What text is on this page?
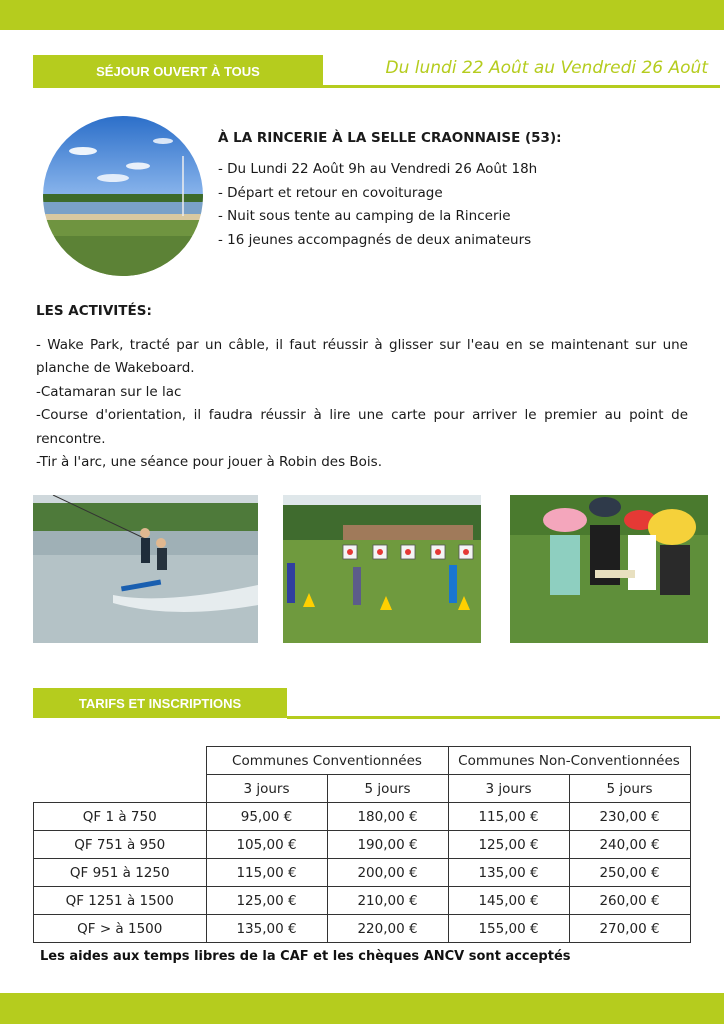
SÉJOUR OUVERT À TOUS	Du lundi 22 Août au Vendredi 26 Août
À LA RINCERIE À LA SELLE CRAONNAISE (53):
- Du Lundi 22 Août 9h au Vendredi 26 Août 18h
- Départ et retour en covoiturage
- Nuit sous tente au camping de la Rincerie
- 16 jeunes accompagnés de deux animateurs
LES ACTIVITÉS:

- Wake Park, tracté par un câble, il faut réussir à glisser sur l'eau en se maintenant sur une planche de Wakeboard.

-Catamaran sur le lac

-Course d'orientation, il faudra réussir à lire une carte pour arriver le premier au point de rencontre.

-Tir à l'arc, une séance pour jouer à Robin des Bois.

TARIFS ET INSCRIPTIONS
	Communes Conventionnées		Communes Non-Conventionnées	
	3 jours	5 jours	3 jours	5 jours
QF 1 à 750	95,00 €	180,00 €	115,00 €	230,00 €
QF 751 à 950	105,00 €	190,00 €	125,00 €	240,00 €
QF 951 à 1250	115,00 €	200,00 €	135,00 €	250,00 €
QF 1251 à 1500	125,00 €	210,00 €	145,00 €	260,00 €
QF > à 1500	135,00 €	220,00 €	155,00 €	270,00 €
Les aides aux temps libres de la CAF et les chèques ANCV sont acceptés
